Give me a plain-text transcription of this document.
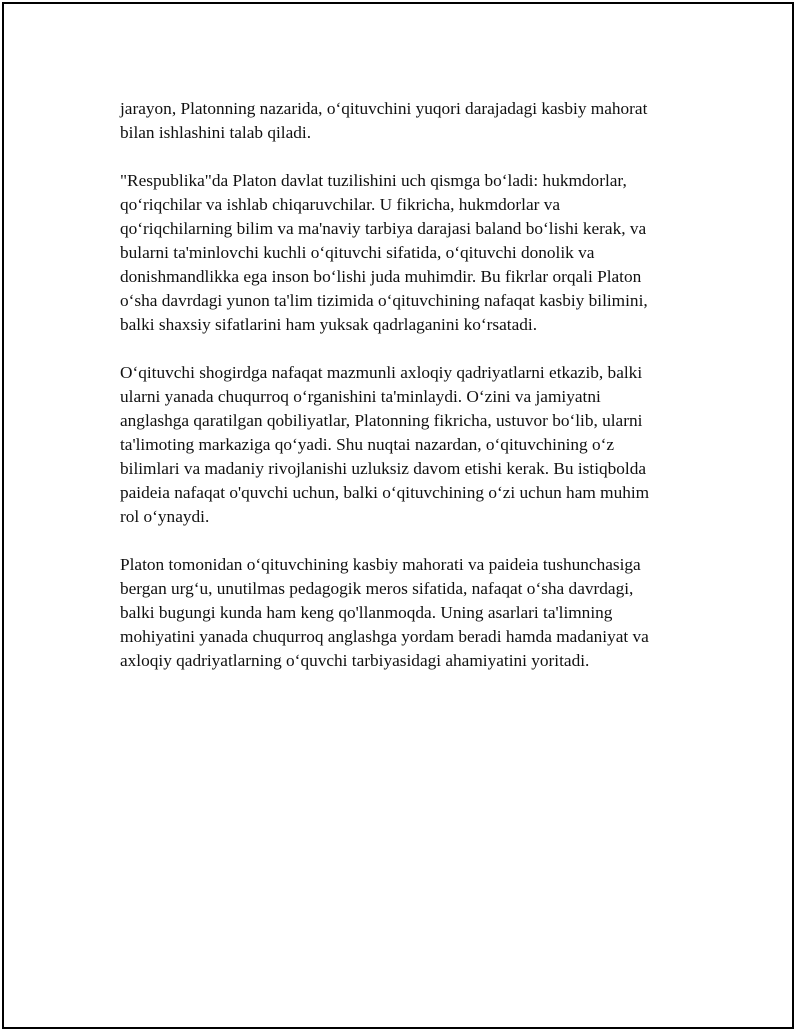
jarayon, Platonning nazarida, o‘qituvchini yuqori darajadagi kasbiy mahorat
bilan ishlashini talab qiladi.

"Respublika"da Platon davlat tuzilishini uch qismga bo‘ladi: hukmdorlar,
qo‘riqchilar va ishlab chiqaruvchilar. U fikricha, hukmdorlar va
qo‘riqchilarning bilim va ma'naviy tarbiya darajasi baland bo‘lishi kerak, va
bularni ta'minlovchi kuchli o‘qituvchi sifatida, o‘qituvchi donolik va
donishmandlikka ega inson bo‘lishi juda muhimdir. Bu fikrlar orqali Platon
o‘sha davrdagi yunon ta'lim tizimida o‘qituvchining nafaqat kasbiy bilimini,
balki shaxsiy sifatlarini ham yuksak qadrlaganini ko‘rsatadi.

O‘qituvchi shogirdga nafaqat mazmunli axloqiy qadriyatlarni etkazib, balki
ularni yanada chuqurroq o‘rganishini ta'minlaydi. O‘zini va jamiyatni
anglashga qaratilgan qobiliyatlar, Platonning fikricha, ustuvor bo‘lib, ularni
ta'limoting markaziga qo‘yadi. Shu nuqtai nazardan, o‘qituvchining o‘z
bilimlari va madaniy rivojlanishi uzluksiz davom etishi kerak. Bu istiqbolda
paideia nafaqat o'quvchi uchun, balki o‘qituvchining o‘zi uchun ham muhim
rol o‘ynaydi.

Platon tomonidan o‘qituvchining kasbiy mahorati va paideia tushunchasiga
bergan urg‘u, unutilmas pedagogik meros sifatida, nafaqat o‘sha davrdagi,
balki bugungi kunda ham keng qo'llanmoqda. Uning asarlari ta'limning
mohiyatini yanada chuqurroq anglashga yordam beradi hamda madaniyat va
axloqiy qadriyatlarning o‘quvchi tarbiyasidagi ahamiyatini yoritadi.
